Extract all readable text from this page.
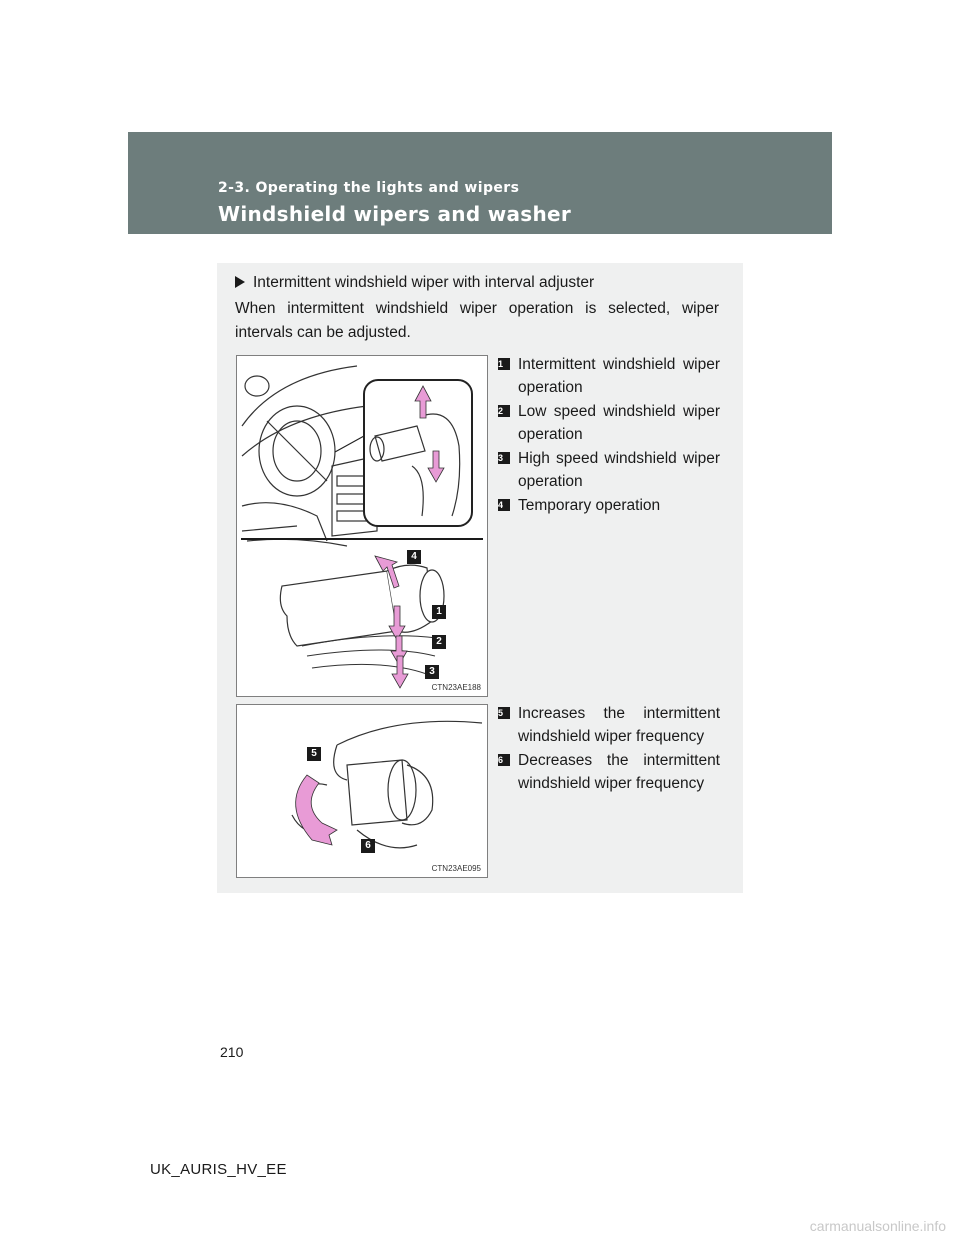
2-3. Operating the lights and wipers
Windshield wipers and washer
Intermittent windshield wiper with interval adjuster
When intermittent windshield wiper operation is selected, wiper intervals can be adjusted.
4
1
2
3
CTN23AE188
1 Intermittent windshield wiper operation
2 Low speed windshield wiper operation
3 High speed windshield wiper operation
4 Temporary operation
5
6
CTN23AE095
5 Increases the intermittent windshield wiper frequency
6 Decreases the intermittent windshield wiper frequency
210
UK_AURIS_HV_EE
carmanualsonline.info
